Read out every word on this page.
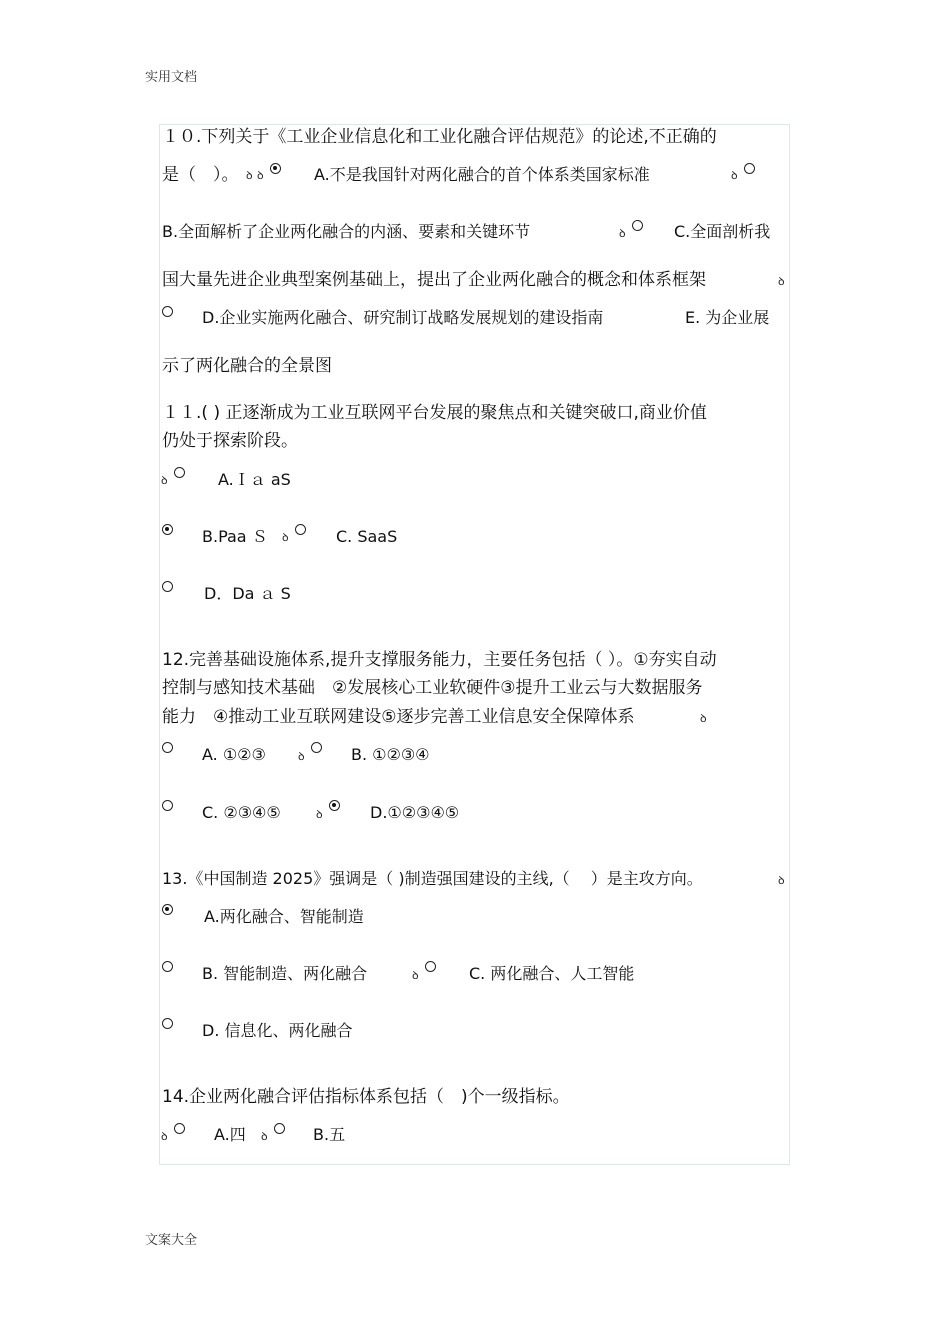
实用文档
１０.下列关于《工业企业信息化和工业化融合评估规范》的论述,不正确的
是（　）。 ꝺ ꝺ	A.不是我国针对两化融合的首个体系类国家标准	ꝺ
B.全面解析了企业两化融合的内涵、要素和关键环节	ꝺ	C.全面剖析我
国大量先进企业典型案例基础上，提出了企业两化融合的概念和体系框架	ꝺ
D.企业实施两化融合、研究制订战略发展规划的建设指南	E. 为企业展
示了两化融合的全景图
１１.( ) 正逐渐成为工业互联网平台发展的聚焦点和关键突破口,商业价值
仍处于探索阶段。
ꝺ	A.Ｉａ aS
B.Paa Ｓ ꝺ	C. SaaS
D．Da ａ S
12.完善基础设施体系,提升支撑服务能力，主要任务包括（ ）。①夯实自动
控制与感知技术基础　②发展核心工业软硬件③提升工业云与大数据服务
能力　④推动工业互联网建设⑤逐步完善工业信息安全保障体系	ꝺ
A. ①②③	ꝺ	B. ①②③④
C. ②③④⑤	ꝺ	D.①②③④⑤
13.《中国制造 2025》强调是（ )制造强国建设的主线,（　 ）是主攻方向。	ꝺ
A.两化融合、智能制造
B. 智能制造、两化融合	ꝺ	C. 两化融合、人工智能
D. 信息化、两化融合
14.企业两化融合评估指标体系包括（　)个一级指标。
ꝺ	A.四 ꝺ	B.五
文案大全
